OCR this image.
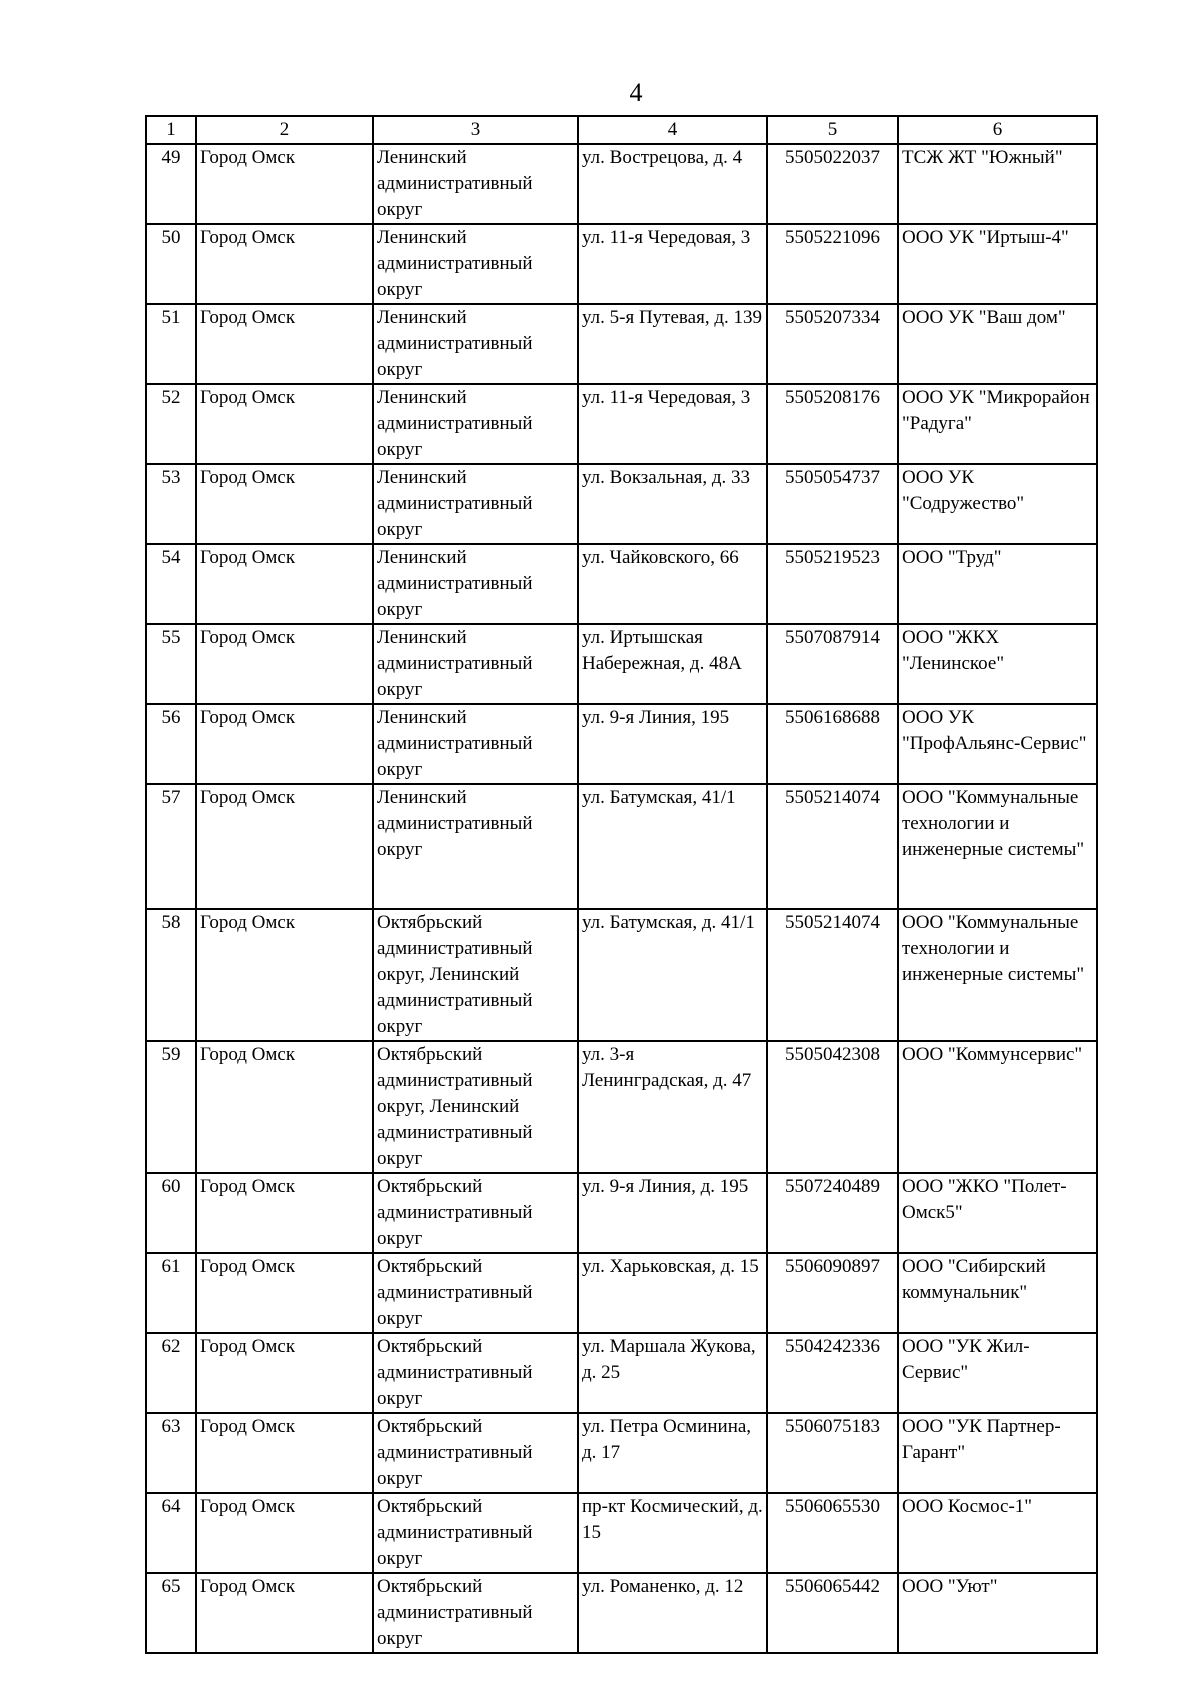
4
1	2	3	4	5	6
49	Город Омск	Ленинский административный округ	ул. Вострецова, д. 4	5505022037	ТСЖ ЖТ "Южный"
50	Город Омск	Ленинский административный округ	ул. 11-я Чередовая, 3	5505221096	ООО УК "Иртыш-4"
51	Город Омск	Ленинский административный округ	ул. 5-я Путевая, д. 139	5505207334	ООО УК "Ваш дом"
52	Город Омск	Ленинский административный округ	ул. 11-я Чередовая, 3	5505208176	ООО УК "Микрорайон "Радуга"
53	Город Омск	Ленинский административный округ	ул. Вокзальная, д. 33	5505054737	ООО УК "Содружество"
54	Город Омск	Ленинский административный округ	ул. Чайковского, 66	5505219523	ООО "Труд"
55	Город Омск	Ленинский административный округ	ул. Иртышская Набережная, д. 48А	5507087914	ООО "ЖКХ "Ленинское"
56	Город Омск	Ленинский административный округ	ул. 9-я Линия, 195	5506168688	ООО УК "ПрофАльянс-Сервис"
57	Город Омск	Ленинский административный округ	ул. Батумская, 41/1	5505214074	ООО "Коммунальные технологии и инженерные системы"
58	Город Омск	Октябрьский административный округ, Ленинский административный округ	ул. Батумская, д. 41/1	5505214074	ООО "Коммунальные технологии и инженерные системы"
59	Город Омск	Октябрьский административный округ, Ленинский административный округ	ул. 3-я Ленинградская, д. 47	5505042308	ООО "Коммунсервис"
60	Город Омск	Октябрьский административный округ	ул. 9-я Линия, д. 195	5507240489	ООО "ЖКО "Полет-Омск5"
61	Город Омск	Октябрьский административный округ	ул. Харьковская, д. 15	5506090897	ООО "Сибирский коммунальник"
62	Город Омск	Октябрьский административный округ	ул. Маршала Жукова, д. 25	5504242336	ООО "УК Жил-Сервис"
63	Город Омск	Октябрьский административный округ	ул. Петра Осминина, д. 17	5506075183	ООО "УК Партнер-Гарант"
64	Город Омск	Октябрьский административный округ	пр-кт Космический, д. 15	5506065530	ООО Космос-1"
65	Город Омск	Октябрьский административный округ	ул. Романенко, д. 12	5506065442	ООО "Уют"
